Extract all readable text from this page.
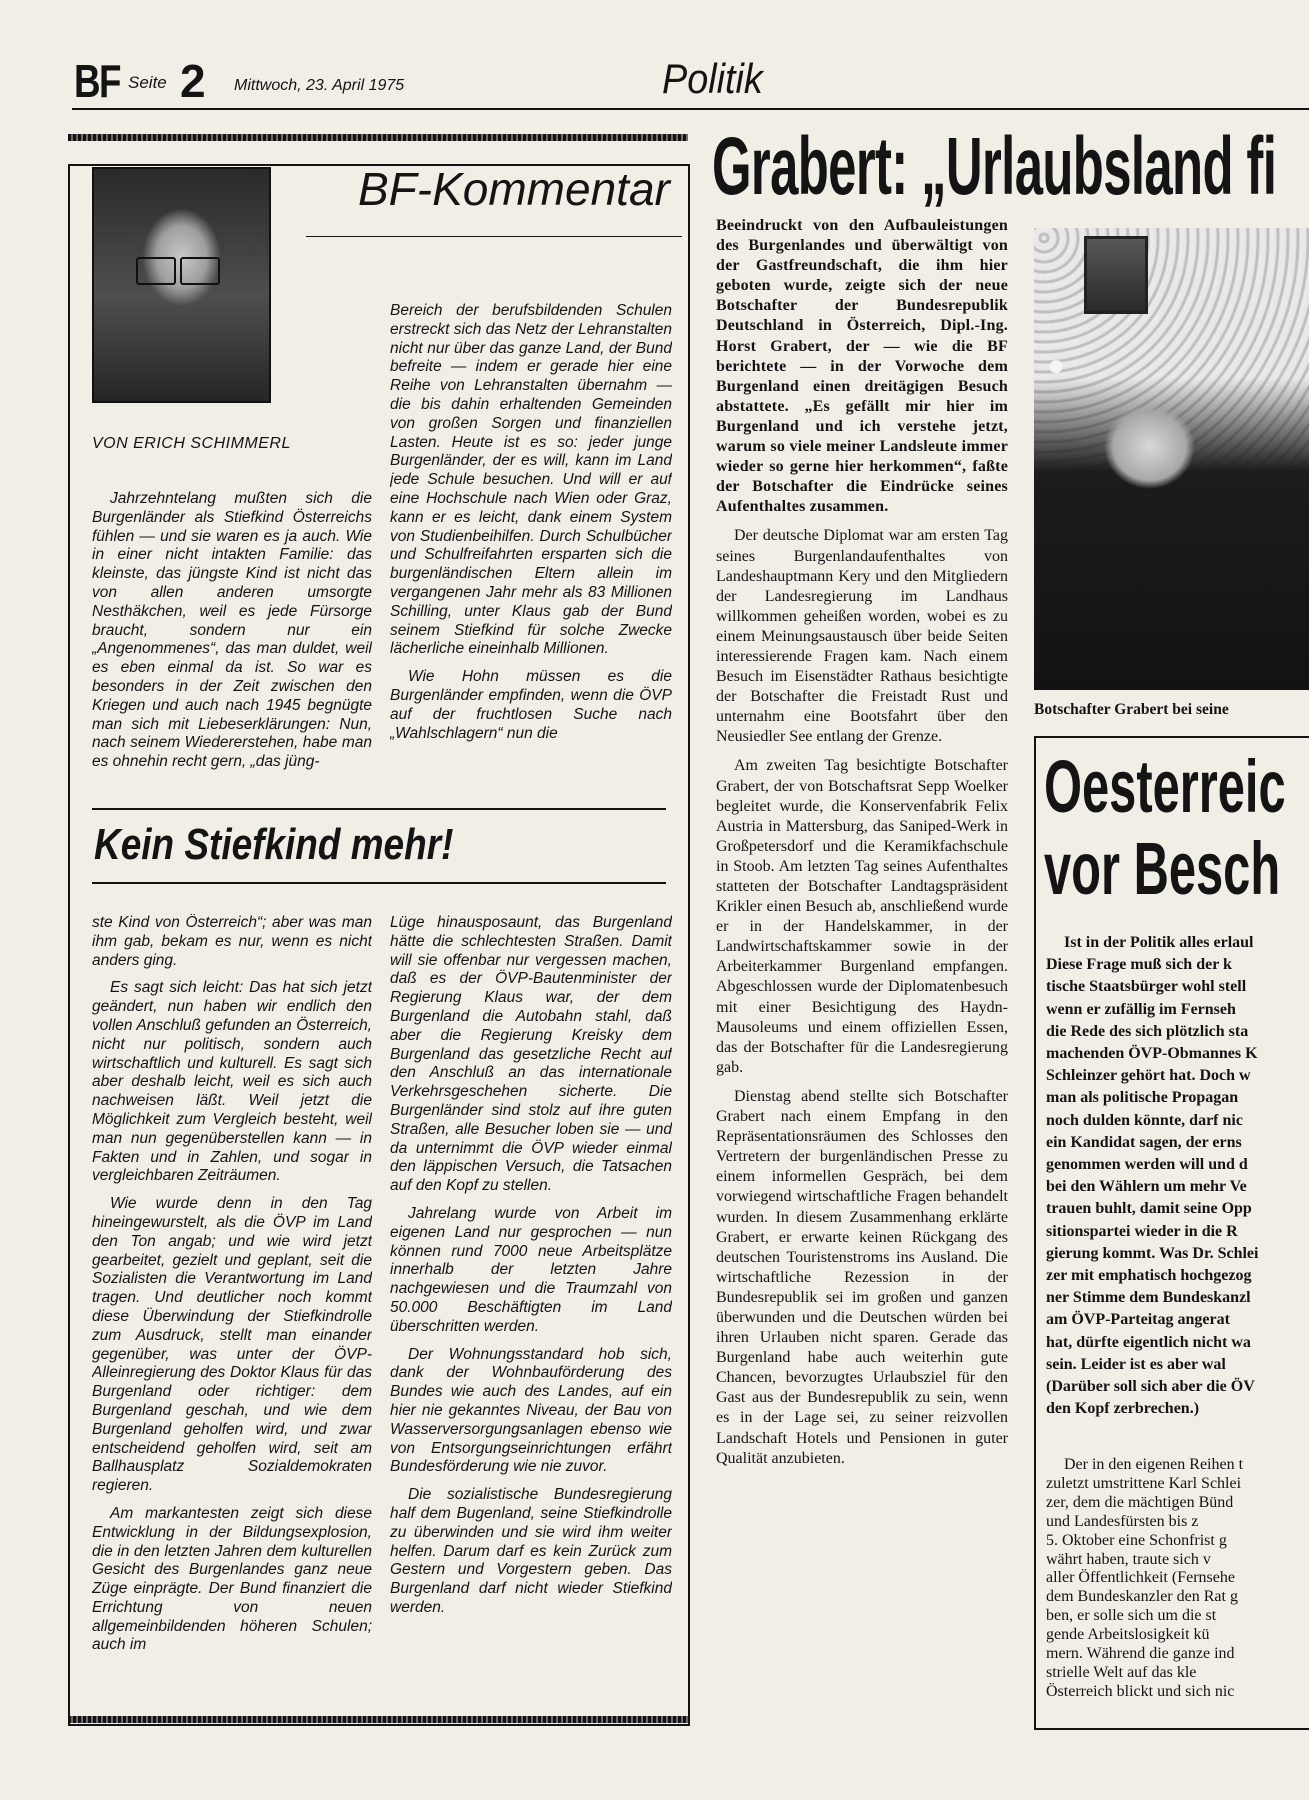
BF Seite 2 Mittwoch, 23. April 1975	Politik
BF-Kommentar
VON ERICH SCHIMMERL

Jahrzehntelang mußten sich die Burgenländer als Stiefkind Österreichs fühlen — und sie waren es ja auch. Wie in einer nicht intakten Familie: das kleinste, das jüngste Kind ist nicht das von allen anderen umsorgte Nesthäkchen, weil es jede Fürsorge braucht, sondern nur ein „Angenommenes“, das man duldet, weil es eben einmal da ist. So war es besonders in der Zeit zwischen den Kriegen und auch nach 1945 begnügte man sich mit Liebeserklärungen: Nun, nach seinem Wiedererstehen, habe man es ohnehin recht gern, „das jüng-

Bereich der berufsbildenden Schulen erstreckt sich das Netz der Lehranstalten nicht nur über das ganze Land, der Bund befreite — indem er gerade hier eine Reihe von Lehranstalten übernahm — die bis dahin erhaltenden Gemeinden von großen Sorgen und finanziellen Lasten. Heute ist es so: jeder junge Burgenländer, der es will, kann im Land jede Schule besuchen. Und will er auf eine Hochschule nach Wien oder Graz, kann er es leicht, dank einem System von Studienbeihilfen. Durch Schulbücher und Schulfreifahrten ersparten sich die burgenländischen Eltern allein im vergangenen Jahr mehr als 83 Millionen Schilling, unter Klaus gab der Bund seinem Stiefkind für solche Zwecke lächerliche eineinhalb Millionen.

Wie Hohn müssen es die Burgenländer empfinden, wenn die ÖVP auf der fruchtlosen Suche nach „Wahlschlagern“ nun die

Kein Stiefkind mehr!

ste Kind von Österreich“; aber was man ihm gab, bekam es nur, wenn es nicht anders ging.

Es sagt sich leicht: Das hat sich jetzt geändert, nun haben wir endlich den vollen Anschluß gefunden an Österreich, nicht nur politisch, sondern auch wirtschaftlich und kulturell. Es sagt sich aber deshalb leicht, weil es sich auch nachweisen läßt. Weil jetzt die Möglichkeit zum Vergleich besteht, weil man nun gegenüberstellen kann — in Fakten und in Zahlen, und sogar in vergleichbaren Zeiträumen.

Wie wurde denn in den Tag hineingewurstelt, als die ÖVP im Land den Ton angab; und wie wird jetzt gearbeitet, gezielt und geplant, seit die Sozialisten die Verantwortung im Land tragen. Und deutlicher noch kommt diese Überwindung der Stiefkindrolle zum Ausdruck, stellt man einander gegenüber, was unter der ÖVP-Alleinregierung des Doktor Klaus für das Burgenland oder richtiger: dem Burgenland geschah, und wie dem Burgenland geholfen wird, und zwar entscheidend geholfen wird, seit am Ballhausplatz Sozialdemokraten regieren.

Am markantesten zeigt sich diese Entwicklung in der Bildungsexplosion, die in den letzten Jahren dem kulturellen Gesicht des Burgenlandes ganz neue Züge einprägte. Der Bund finanziert die Errichtung von neuen allgemeinbildenden höheren Schulen; auch im

Lüge hinausposaunt, das Burgenland hätte die schlechtesten Straßen. Damit will sie offenbar nur vergessen machen, daß es der ÖVP-Bautenminister der Regierung Klaus war, der dem Burgenland die Autobahn stahl, daß aber die Regierung Kreisky dem Burgenland das gesetzliche Recht auf den Anschluß an das internationale Verkehrsgeschehen sicherte. Die Burgenländer sind stolz auf ihre guten Straßen, alle Besucher loben sie — und da unternimmt die ÖVP wieder einmal den läppischen Versuch, die Tatsachen auf den Kopf zu stellen.

Jahrelang wurde von Arbeit im eigenen Land nur gesprochen — nun können rund 7000 neue Arbeitsplätze innerhalb der letzten Jahre nachgewiesen und die Traumzahl von 50.000 Beschäftigten im Land überschritten werden.

Der Wohnungsstandard hob sich, dank der Wohnbauförderung des Bundes wie auch des Landes, auf ein hier nie gekanntes Niveau, der Bau von Wasserversorgungsanlagen ebenso wie von Entsorgungseinrichtungen erfährt Bundesförderung wie nie zuvor.

Die sozialistische Bundesregierung half dem Bugenland, seine Stiefkindrolle zu überwinden und sie wird ihm weiter helfen. Darum darf es kein Zurück zum Gestern und Vorgestern geben. Das Burgenland darf nicht wieder Stiefkind werden.

Grabert: „Urlaubsland fi

Beeindruckt von den Aufbauleistungen des Burgenlandes und überwältigt von der Gastfreundschaft, die ihm hier geboten wurde, zeigte sich der neue Botschafter der Bundesrepublik Deutschland in Österreich, Dipl.-Ing. Horst Grabert, der — wie die BF berichtete — in der Vorwoche dem Burgenland einen dreitägigen Besuch abstattete. „Es gefällt mir hier im Burgenland und ich verstehe jetzt, warum so viele meiner Landsleute immer wieder so gerne hier herkommen“, faßte der Botschafter die Eindrücke seines Aufenthaltes zusammen.

Der deutsche Diplomat war am ersten Tag seines Burgenlandaufenthaltes von Landeshauptmann Kery und den Mitgliedern der Landesregierung im Landhaus willkommen geheißen worden, wobei es zu einem Meinungsaustausch über beide Seiten interessierende Fragen kam. Nach einem Besuch im Eisenstädter Rathaus besichtigte der Botschafter die Freistadt Rust und unternahm eine Bootsfahrt über den Neusiedler See entlang der Grenze.

Am zweiten Tag besichtigte Botschafter Grabert, der von Botschaftsrat Sepp Woelker begleitet wurde, die Konservenfabrik Felix Austria in Mattersburg, das Saniped-Werk in Großpetersdorf und die Keramikfachschule in Stoob. Am letzten Tag seines Aufenthaltes statteten der Botschafter Landtagspräsident Krikler einen Besuch ab, anschließend wurde er in der Handelskammer, in der Landwirtschaftskammer sowie in der Arbeiterkammer Burgenland empfangen. Abgeschlossen wurde der Diplomatenbesuch mit einer Besichtigung des Haydn-Mausoleums und einem offiziellen Essen, das der Botschafter für die Landesregierung gab.

Dienstag abend stellte sich Botschafter Grabert nach einem Empfang in den Repräsentationsräumen des Schlosses den Vertretern der burgenländischen Presse zu einem informellen Gespräch, bei dem vorwiegend wirtschaftliche Fragen behandelt wurden. In diesem Zusammenhang erklärte Grabert, er erwarte keinen Rückgang des deutschen Touristenstroms ins Ausland. Die wirtschaftliche Rezession in der Bundesrepublik sei im großen und ganzen überwunden und die Deutschen würden bei ihren Urlauben nicht sparen. Gerade das Burgenland habe auch weiterhin gute Chancen, bevorzugtes Urlaubsziel für den Gast aus der Bundesrepublik zu sein, wenn es in der Lage sei, zu seiner reizvollen Landschaft Hotels und Pensionen in guter Qualität anzubieten.

Botschafter Grabert bei seine
Oesterreic
vor Besch
Ist in der Politik alles erlaul
Diese Frage muß sich der k
tische Staatsbürger wohl stell
wenn er zufällig im Fernseh
die Rede des sich plötzlich sta
machenden ÖVP-Obmannes K
Schleinzer gehört hat. Doch w
man als politische Propagan
noch dulden könnte, darf nic
ein Kandidat sagen, der erns
genommen werden will und d
bei den Wählern um mehr Ve
trauen buhlt, damit seine Opp
sitionspartei wieder in die R
gierung kommt. Was Dr. Schlei
zer mit emphatisch hochgezog
ner Stimme dem Bundeskanzl
am ÖVP-Parteitag angerat
hat, dürfte eigentlich nicht wa
sein. Leider ist es aber wal
(Darüber soll sich aber die ÖV
den Kopf zerbrechen.)
Der in den eigenen Reihen t
zuletzt umstrittene Karl Schlei
zer, dem die mächtigen Bünd
und Landesfürsten bis z
5. Oktober eine Schonfrist g
währt haben, traute sich v
aller Öffentlichkeit (Fernsehe
dem Bundeskanzler den Rat g
ben, er solle sich um die st
gende Arbeitslosigkeit kü
mern. Während die ganze ind
strielle Welt auf das kle
Österreich blickt und sich nic
